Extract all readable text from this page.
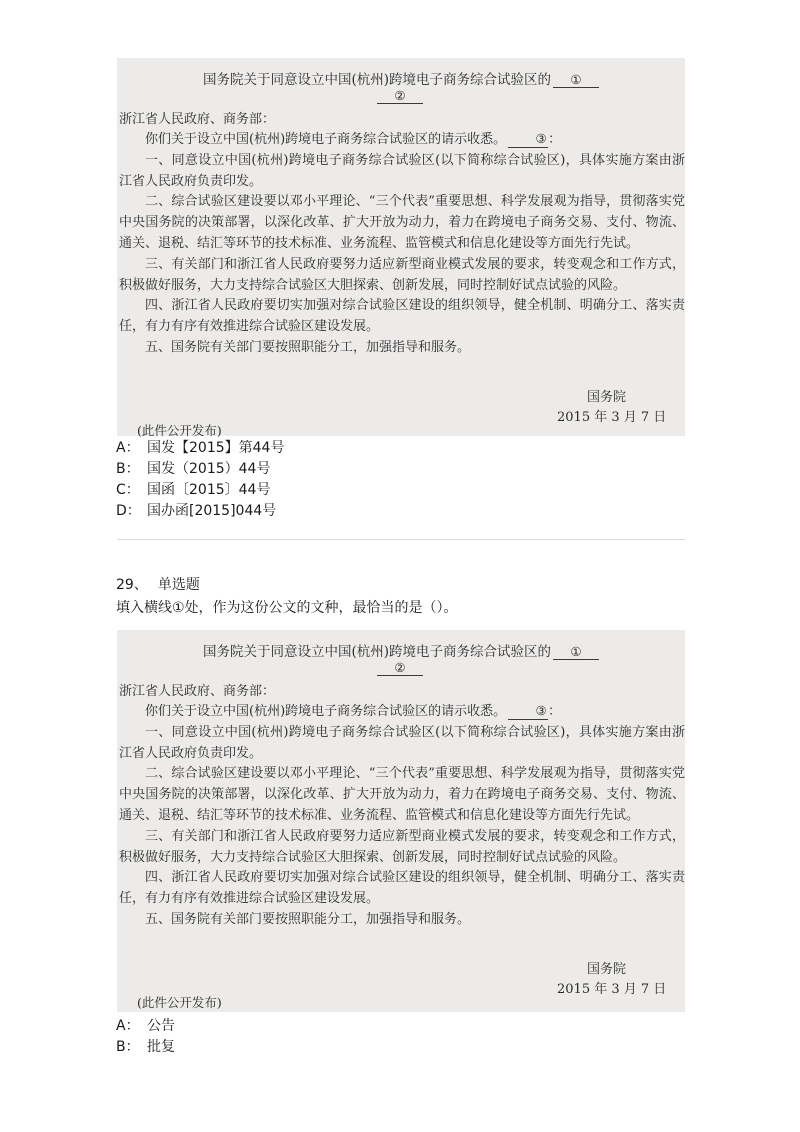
国务院关于同意设立中国(杭州)跨境电子商务综合试验区的 ①
②
浙江省人民政府、商务部：

你们关于设立中国(杭州)跨境电子商务综合试验区的请示收悉。 ③：

一、同意设立中国(杭州)跨境电子商务综合试验区(以下简称综合试验区)，具体实施方案由浙江省人民政府负责印发。

二、综合试验区建设要以邓小平理论、“三个代表”重要思想、科学发展观为指导，贯彻落实党中央国务院的决策部署，以深化改革、扩大开放为动力，着力在跨境电子商务交易、支付、物流、通关、退税、结汇等环节的技术标准、业务流程、监管模式和信息化建设等方面先行先试。

三、有关部门和浙江省人民政府要努力适应新型商业模式发展的要求，转变观念和工作方式，积极做好服务，大力支持综合试验区大胆探索、创新发展，同时控制好试点试验的风险。

四、浙江省人民政府要切实加强对综合试验区建设的组织领导，健全机制、明确分工、落实责任，有力有序有效推进综合试验区建设发展。

五、国务院有关部门要按照职能分工，加强指导和服务。

国务院
2015 年 3 月 7 日
(此件公开发布)
A： 国发【2015】第44号
B： 国发（2015）44号
C： 国函〔2015〕44号
D： 国办函[2015]044号
29、 单选题
填入横线①处，作为这份公文的文种，最恰当的是（）。
国务院关于同意设立中国(杭州)跨境电子商务综合试验区的 ①
②
浙江省人民政府、商务部：

你们关于设立中国(杭州)跨境电子商务综合试验区的请示收悉。 ③：

一、同意设立中国(杭州)跨境电子商务综合试验区(以下简称综合试验区)，具体实施方案由浙江省人民政府负责印发。

二、综合试验区建设要以邓小平理论、“三个代表”重要思想、科学发展观为指导，贯彻落实党中央国务院的决策部署，以深化改革、扩大开放为动力，着力在跨境电子商务交易、支付、物流、通关、退税、结汇等环节的技术标准、业务流程、监管模式和信息化建设等方面先行先试。

三、有关部门和浙江省人民政府要努力适应新型商业模式发展的要求，转变观念和工作方式，积极做好服务，大力支持综合试验区大胆探索、创新发展，同时控制好试点试验的风险。

四、浙江省人民政府要切实加强对综合试验区建设的组织领导，健全机制、明确分工、落实责任，有力有序有效推进综合试验区建设发展。

五、国务院有关部门要按照职能分工，加强指导和服务。

国务院
2015 年 3 月 7 日
(此件公开发布)
A： 公告
B： 批复
